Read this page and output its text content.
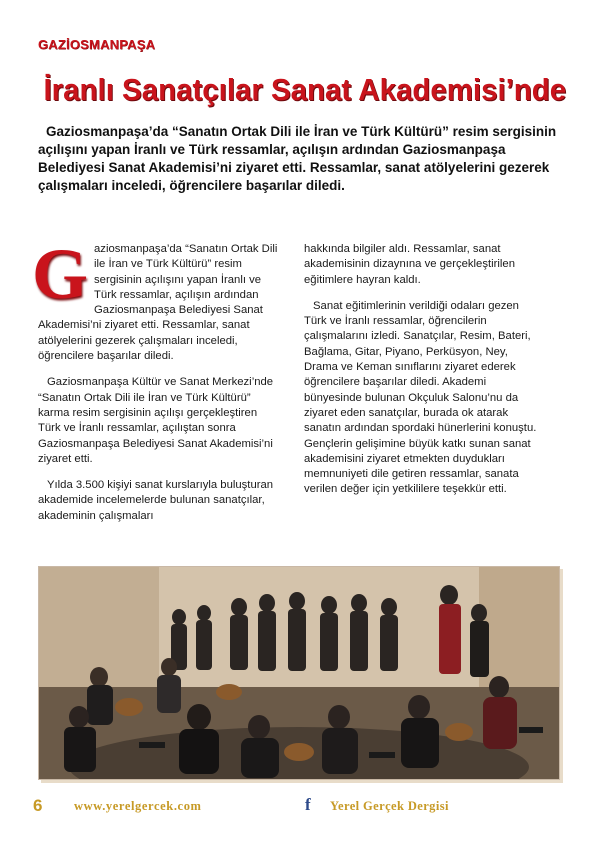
GAZİOSMANPAŞA
İranlı Sanatçılar Sanat Akademisi’nde
Gaziosmanpaşa’da “Sanatın Ortak Dili ile İran ve Türk Kültürü” resim sergisinin açılışını yapan İranlı ve Türk ressamlar, açılışın ardından Gaziosmanpaşa Belediyesi Sanat Akademisi’ni ziyaret etti. Ressamlar, sanat atölyelerini gezerek çalışmaları inceledi, öğrencilere başarılar diledi.

Gaziosmanpaşa’da “Sanatın Ortak Dili ile İran ve Türk Kültürü” resim sergisinin açılışını yapan İranlı ve Türk ressamlar, açılışın ardından Gaziosmanpaşa Belediyesi Sanat Akademisi’ni ziyaret etti. Ressamlar, sanat atölyelerini gezerek çalışmaları inceledi, öğrencilere başarılar diledi.

Gaziosmanpaşa Kültür ve Sanat Merkezi’nde “Sanatın Ortak Dili ile İran ve Türk Kültürü” karma resim sergisinin açılışı gerçekleştiren Türk ve İranlı ressamlar, açılıştan sonra Gaziosmanpaşa Belediyesi Sanat Akademisi’ni ziyaret etti.

Yılda 3.500 kişiyi sanat kurslarıyla buluşturan akademide incelemelerde bulunan sanatçılar, akademinin çalışmaları

hakkında bilgiler aldı. Ressamlar, sanat akademisinin dizaynına ve gerçekleştirilen eğitimlere hayran kaldı.

Sanat eğitimlerinin verildiği odaları gezen Türk ve İranlı ressamlar, öğrencilerin çalışmalarını izledi. Sanatçılar, Resim, Bateri, Bağlama, Gitar, Piyano, Perküsyon, Ney, Drama ve Keman sınıflarını ziyaret ederek öğrencilere başarılar diledi. Akademi bünyesinde bulunan Okçuluk Salonu’nu da ziyaret eden sanatçılar, burada ok atarak sanatın ardından spordaki hünerlerini konuştu. Gençlerin gelişimine büyük katkı sunan sanat akademisini ziyaret etmekten duydukları memnuniyeti dile getiren ressamlar, sanata verilen değer için yetkililere teşekkür etti.

6	www.yerelgercek.com	f Yerel Gerçek Dergisi
